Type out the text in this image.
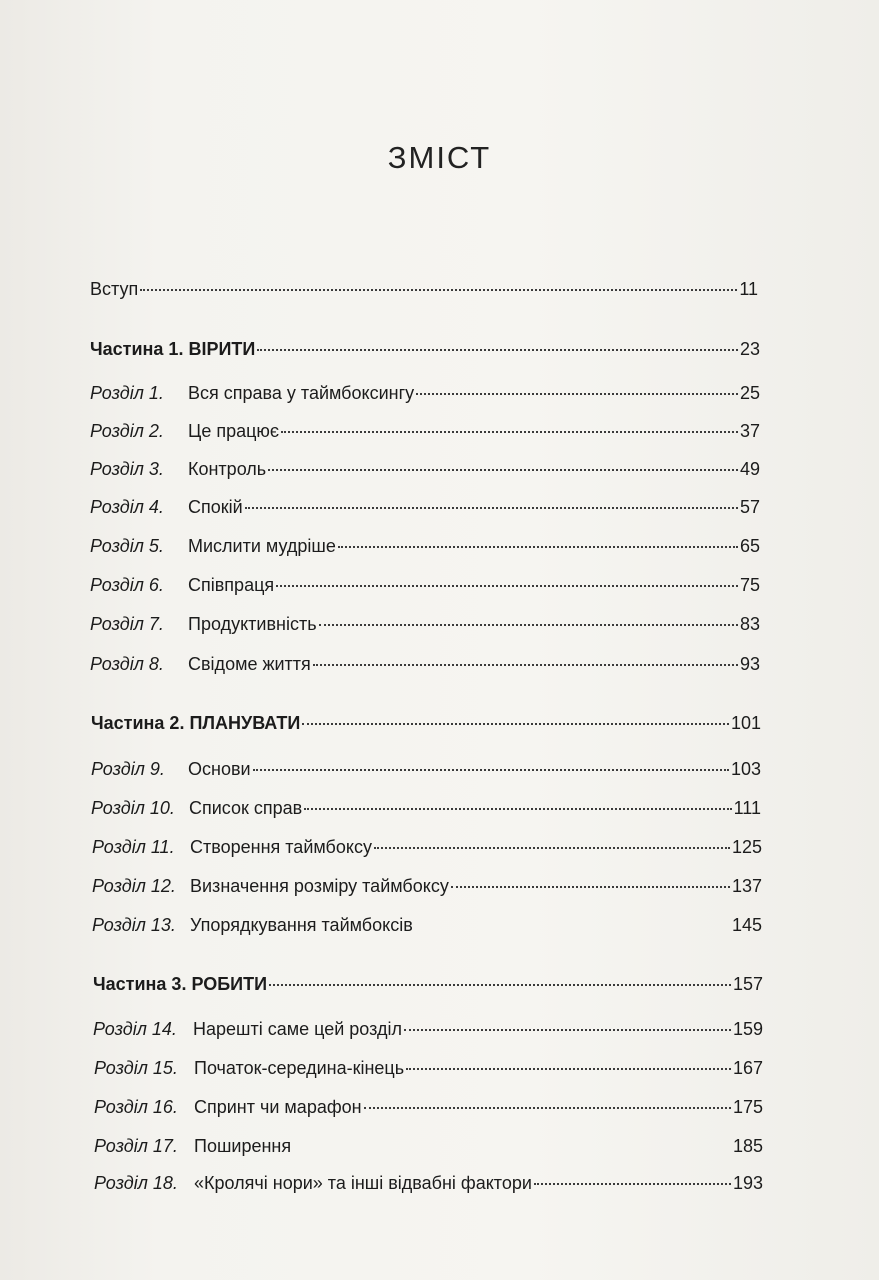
ЗМІСТ
Вступ	11
Частина 1. ВІРИТИ	23
Розділ 1.	Вся справа у таймбоксингу	25
Розділ 2.	Це працює	37
Розділ 3.	Контроль	49
Розділ 4.	Спокій	57
Розділ 5.	Мислити мудріше	65
Розділ 6.	Співпраця	75
Розділ 7.	Продуктивність	83
Розділ 8.	Свідоме життя	93
Частина 2. ПЛАНУВАТИ	101
Розділ 9.	Основи	103
Розділ 10. Список справ	111
Розділ 11. Створення таймбоксу	125
Розділ 12. Визначення розміру таймбоксу	137
Розділ 13. Упорядкування таймбоксів	145
Частина 3. РОБИТИ	157
Розділ 14. Нарешті саме цей розділ	159
Розділ 15. Початок-середина-кінець	167
Розділ 16. Спринт чи марафон	175
Розділ 17. Поширення	185
Розділ 18. «Кролячі нори» та інші відвабні фактори	193
